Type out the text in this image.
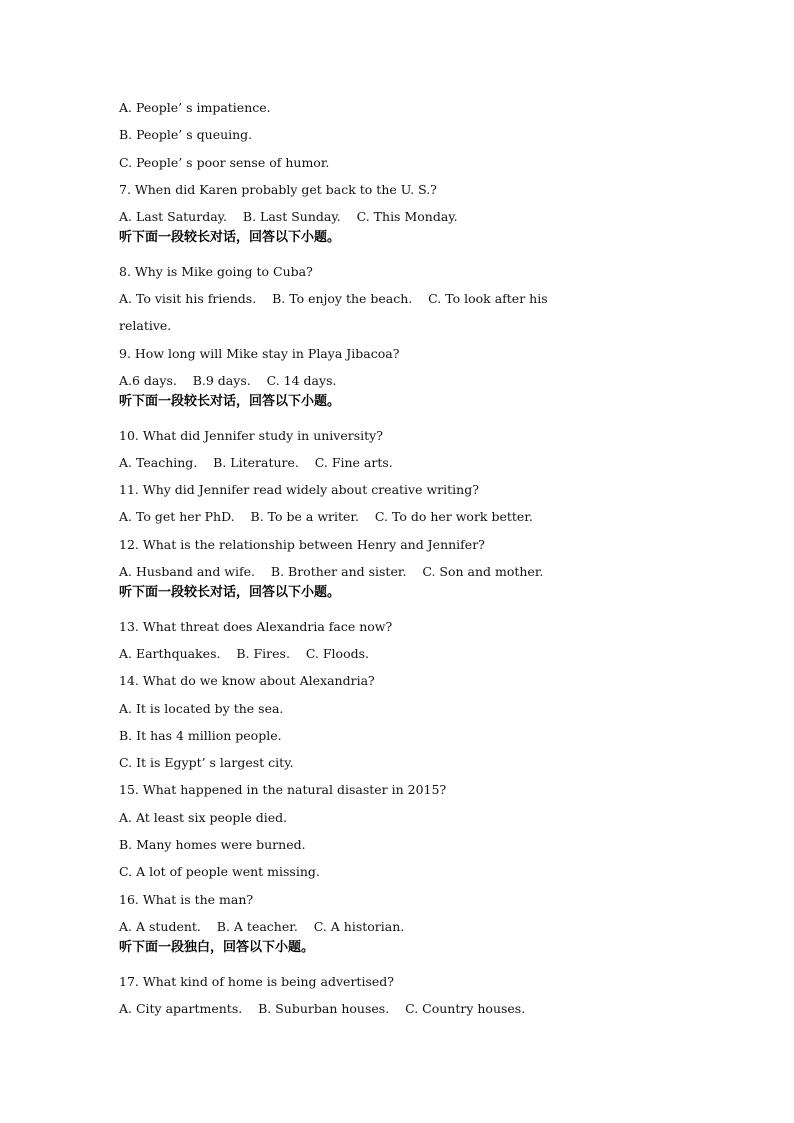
A. People’ s impatience.
B. People’ s queuing.
C. People’ s poor sense of humor.
7. When did Karen probably get back to the U. S.?
A. Last Saturday.    B. Last Sunday.    C. This Monday.
听下面一段较长对话，回答以下小题。
8. Why is Mike going to Cuba?
A. To visit his friends.    B. To enjoy the beach.    C. To look after his
relative.
9. How long will Mike stay in Playa Jibacoa?
A.6 days.    B.9 days.    C. 14 days.
听下面一段较长对话，回答以下小题。
10. What did Jennifer study in university?
A. Teaching.    B. Literature.    C. Fine arts.
11. Why did Jennifer read widely about creative writing?
A. To get her PhD.    B. To be a writer.    C. To do her work better.
12. What is the relationship between Henry and Jennifer?
A. Husband and wife.    B. Brother and sister.    C. Son and mother.
听下面一段较长对话，回答以下小题。
13. What threat does Alexandria face now?
A. Earthquakes.    B. Fires.    C. Floods.
14. What do we know about Alexandria?
A. It is located by the sea.
B. It has 4 million people.
C. It is Egypt’ s largest city.
15. What happened in the natural disaster in 2015?
A. At least six people died.
B. Many homes were burned.
C. A lot of people went missing.
16. What is the man?
A. A student.    B. A teacher.    C. A historian.
听下面一段独白，回答以下小题。
17. What kind of home is being advertised?
A. City apartments.    B. Suburban houses.    C. Country houses.
